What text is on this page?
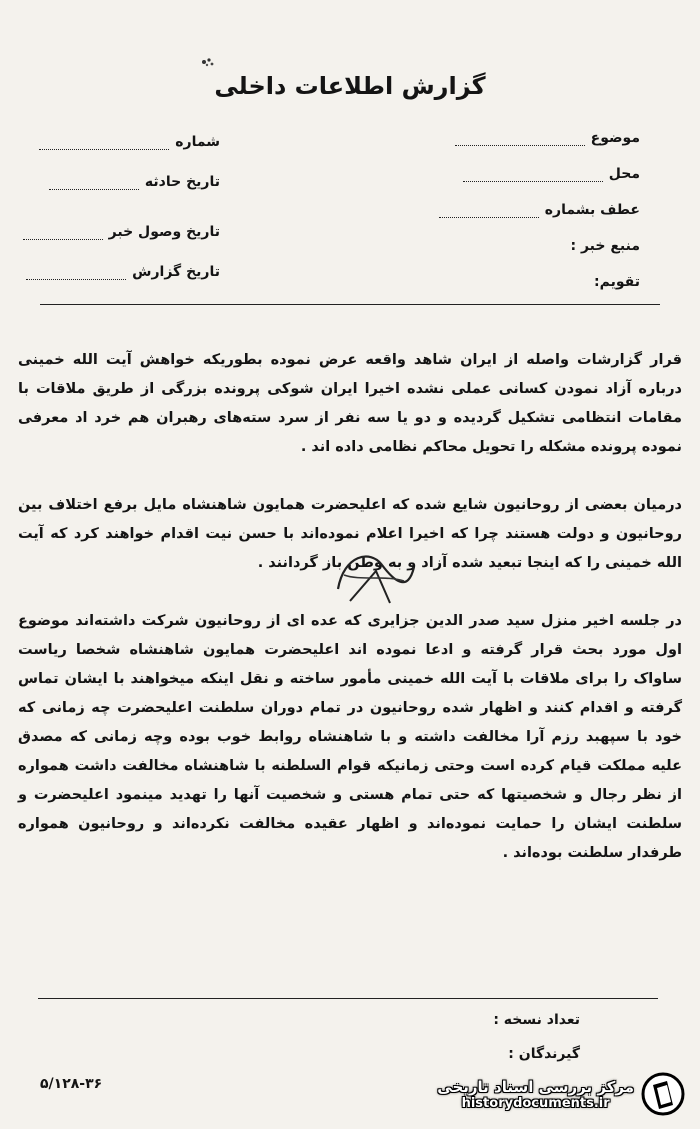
گزارش اطلاعات داخلی
موضوع
محل
عطف بشماره
منبع خبر :
تقویم:
شماره
تاریخ حادثه
تاریخ وصول خبر
تاریخ گزارش

قرار گزارشات واصله از ایران شاهد واقعه عرض نموده بطوریکه خواهش آیت الله خمینی درباره آزاد نمودن کسانی عملی نشده اخیرا ایران شوکی پرونده بزرگی از طریق ملاقات با مقامات انتظامی تشکیل گردیده و دو یا سه نفر از سرد سته‌های رهبران هم خرد اد معرفی نموده پرونده مشکله را تحویل محاکم نظامی داده اند .

درمیان بعضی از روحانیون شایع شده که اعلیحضرت همایون شاهنشاه مایل برفع اختلاف بین روحانیون و دولت هستند چرا که اخیرا اعلام نموده‌اند با حسن نیت اقدام خواهند کرد که آیت الله خمینی را که اینجا تبعید شده آزاد و به وطن باز گردانند .

در جلسه اخیر منزل سید صدر الدین جزایری که عده ای از روحانیون شرکت داشته‌اند موضوع اول مورد بحث قرار گرفته و ادعا نموده اند اعلیحضرت همایون شاهنشاه شخصا ریاست ساواک را برای ملاقات با آیت الله خمینی مأمور ساخته و نقل اینکه میخواهند با ایشان تماس گرفته و اقدام کنند و اظهار شده روحانیون در تمام دوران سلطنت اعلیحضرت چه زمانی که خود با سپهبد رزم آرا مخالفت داشته و با شاهنشاه روابط خوب بوده وچه زمانی که مصدق علیه مملکت قیام کرده است وحتی زمانیکه قوام السلطنه با شاهنشاه مخالفت داشت همواره از نظر رجال و شخصیتها که حتی تمام هستی و شخصیت آنها را تهدید مینمود اعلیحضرت و سلطنت ایشان را حمایت نموده‌اند و اظهار عقیده مخالفت نکرده‌اند و روحانیون همواره طرفدار سلطنت بوده‌اند .

تعداد نسخه :
گیرندگان :
۵/۱۲۸-۳۶	مرکز بررسی اسناد تاریخی
historydocuments.ir
